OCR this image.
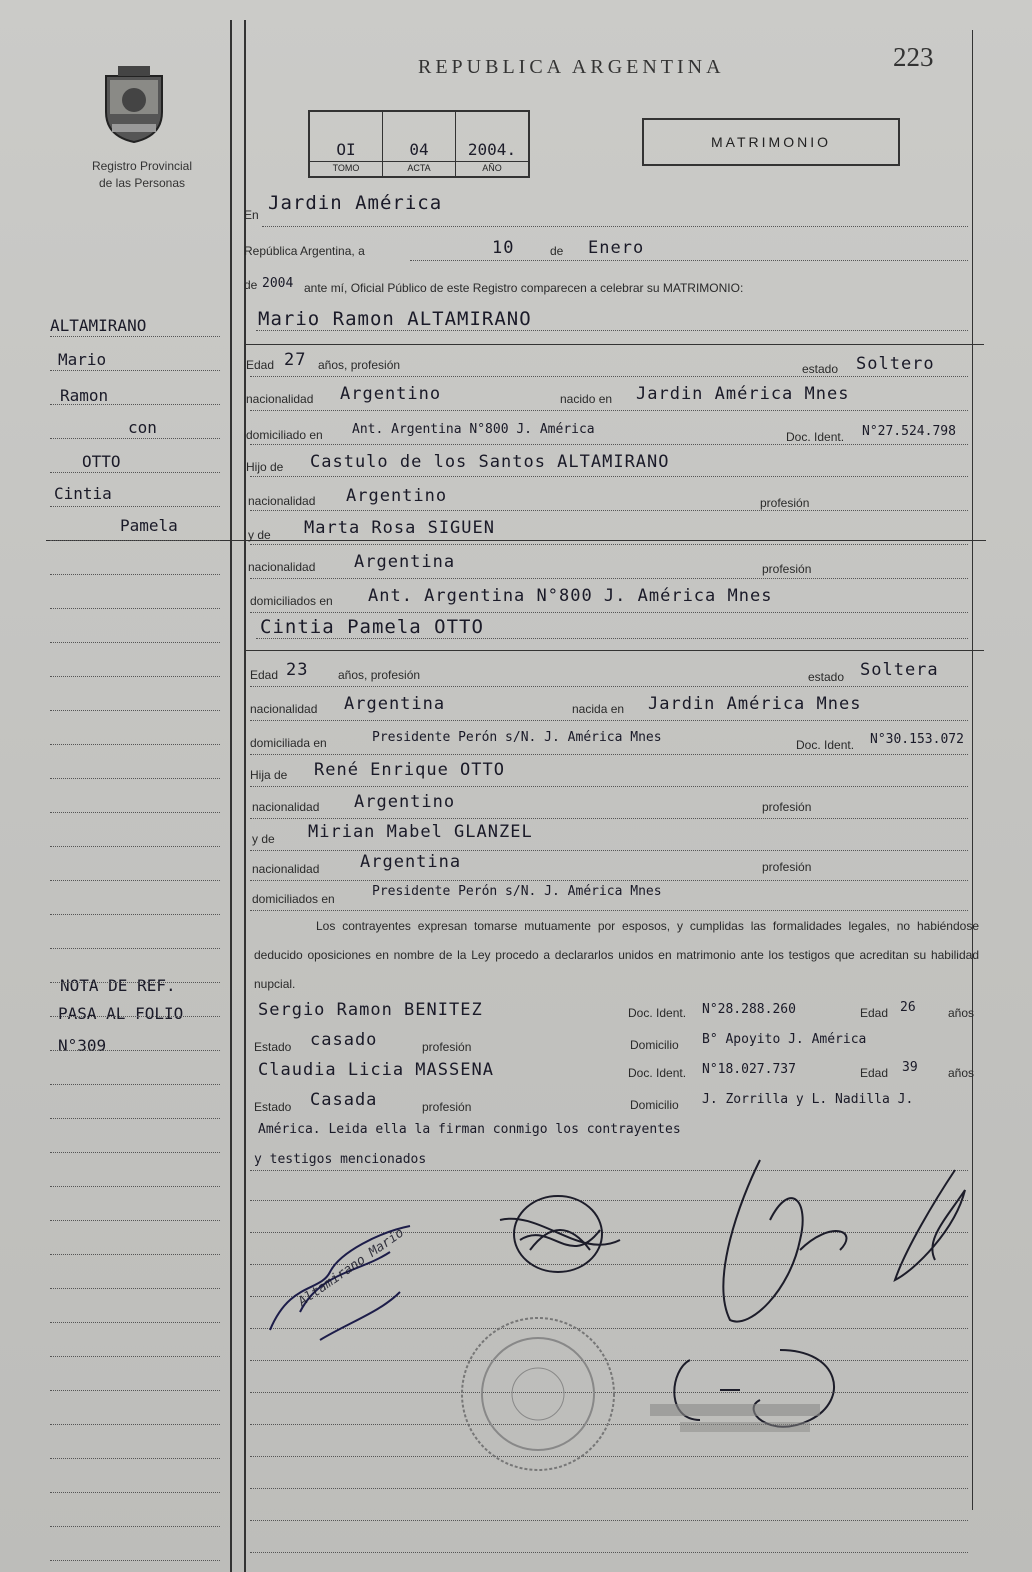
Registro Provincial
de las Personas
REPUBLICA ARGENTINA	223
OI
TOMO
04
ACTA
2004.
AÑO
MATRIMONIO
En
Jardin América
República Argentina, a	10	de Enero
de 2004 ante mí, Oficial Público de este Registro comparecen a celebrar su MATRIMONIO:
ALTAMIRANO
Mario
Ramon
con
OTTO
Cintia
Pamela
NOTA DE REF.
PASA AL FOLIO
N°309
Mario Ramon ALTAMIRANO
Edad 27 años, profesión	estado Soltero
nacionalidad Argentino	nacido en Jardin América Mnes
domiciliado en Ant. Argentina N°800 J. América	Doc. Ident. N°27.524.798
Hijo de Castulo de los Santos ALTAMIRANO
nacionalidad Argentino	profesión
y de Marta Rosa SIGUEN
nacionalidad Argentina	profesión
domiciliados en Ant. Argentina N°800 J. América Mnes
Cintia Pamela OTTO
Edad 23 años, profesión	estado Soltera
nacionalidad Argentina	nacida en Jardin América Mnes
domiciliada en	Presidente Perón s/N. J. América Mnes	Doc. Ident. N°30.153.072
Hija de René Enrique OTTO
nacionalidad Argentino	profesión
y de Mirian Mabel GLANZEL
nacionalidad Argentina	profesión
domiciliados en	Presidente Perón s/N. J. América Mnes
Los contrayentes expresan tomarse mutuamente por esposos, y cumplidas las formalidades legales, no habiéndose deducido oposiciones en nombre de la Ley procedo a declararlos unidos en matrimonio ante los testigos que acreditan su habilidad nupcial.
Sergio Ramon BENITEZ	Doc. Ident. N°28.288.260	Edad 26	años
Estado casado	profesión	Domicilio B° Apoyito J. América
Claudia Licia MASSENA	Doc. Ident. N°18.027.737	Edad 39	años
Estado Casada	profesión	Domicilio J. Zorrilla y L. Nadilla J.
América. Leida ella la firman conmigo los contrayentes
y testigos mencionados
Altamirano Mario
